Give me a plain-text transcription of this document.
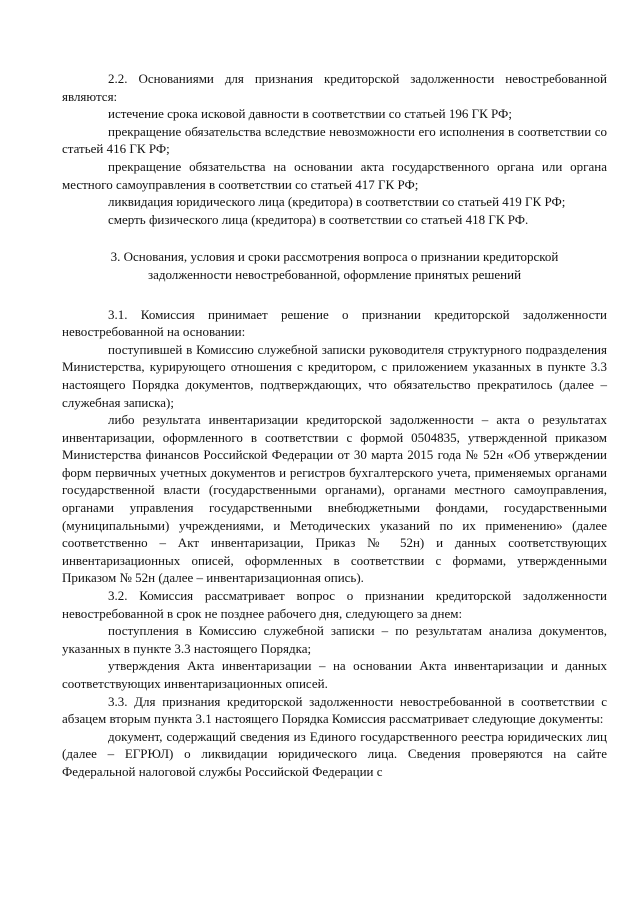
2.2. Основаниями для признания кредиторской задолженности невостребованной являются:

истечение срока исковой давности в соответствии со статьей 196 ГК РФ;

прекращение обязательства вследствие невозможности его исполнения в соответствии со статьей 416 ГК РФ;

прекращение обязательства на основании акта государственного органа или органа местного самоуправления в соответствии со статьей 417 ГК РФ;

ликвидация юридического лица (кредитора) в соответствии со статьей 419 ГК РФ;

смерть физического лица (кредитора) в соответствии со статьей 418 ГК РФ.

3. Основания, условия и сроки рассмотрения вопроса о признании кредиторской задолженности невостребованной, оформление принятых решений

3.1. Комиссия принимает решение о признании кредиторской задолженности невостребованной на основании:

поступившей в Комиссию служебной записки руководителя структурного подразделения Министерства, курирующего отношения с кредитором, с приложением указанных в пункте 3.3 настоящего Порядка документов, подтверждающих, что обязательство прекратилось (далее – служебная записка);

либо результата инвентаризации кредиторской задолженности – акта о результатах инвентаризации, оформленного в соответствии с формой 0504835, утвержденной приказом Министерства финансов Российской Федерации от 30 марта 2015 года № 52н «Об утверждении форм первичных учетных документов и регистров бухгалтерского учета, применяемых органами государственной власти (государственными органами), органами местного самоуправления, органами управления государственными внебюджетными фондами, государственными (муниципальными) учреждениями, и Методических указаний по их применению» (далее соответственно – Акт инвентаризации, Приказ № 52н) и данных соответствующих инвентаризационных описей, оформленных в соответствии с формами, утвержденными Приказом № 52н (далее – инвентаризационная опись).

3.2. Комиссия рассматривает вопрос о признании кредиторской задолженности невостребованной в срок не позднее рабочего дня, следующего за днем:

поступления в Комиссию служебной записки – по результатам анализа документов, указанных в пункте 3.3 настоящего Порядка;

утверждения Акта инвентаризации – на основании Акта инвентаризации и данных соответствующих инвентаризационных описей.

3.3. Для признания кредиторской задолженности невостребованной в соответствии с абзацем вторым пункта 3.1 настоящего Порядка Комиссия рассматривает следующие документы:

документ, содержащий сведения из Единого государственного реестра юридических лиц (далее – ЕГРЮЛ) о ликвидации юридического лица. Сведения проверяются на сайте Федеральной налоговой службы Российской Федерации с
